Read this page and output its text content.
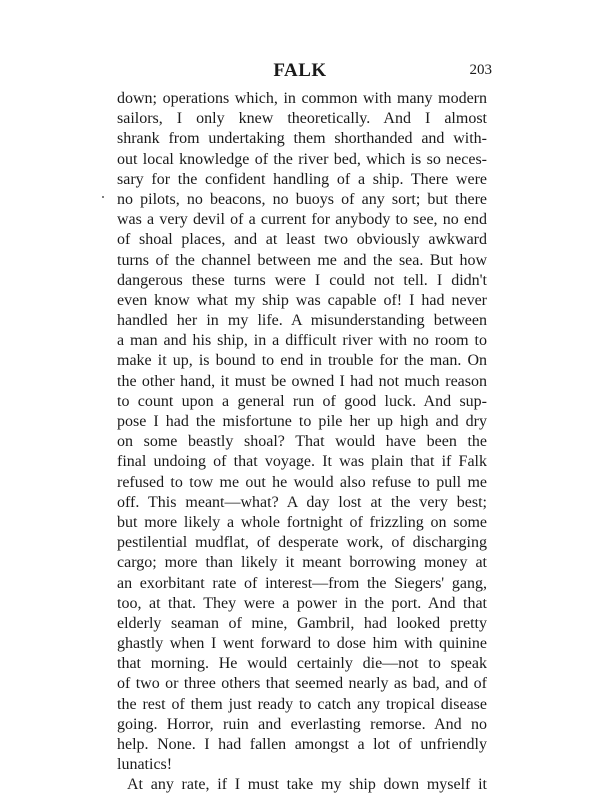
FALK	203
down; operations which, in common with many modern
sailors, I only knew theoretically. And I almost
shrank from undertaking them shorthanded and with-
out local knowledge of the river bed, which is so neces-
sary for the confident handling of a ship. There were
no pilots, no beacons, no buoys of any sort; but there
was a very devil of a current for anybody to see, no end
of shoal places, and at least two obviously awkward
turns of the channel between me and the sea. But how
dangerous these turns were I could not tell. I didn't
even know what my ship was capable of! I had never
handled her in my life. A misunderstanding between
a man and his ship, in a difficult river with no room to
make it up, is bound to end in trouble for the man. On
the other hand, it must be owned I had not much reason
to count upon a general run of good luck. And sup-
pose I had the misfortune to pile her up high and dry
on some beastly shoal? That would have been the
final undoing of that voyage. It was plain that if Falk
refused to tow me out he would also refuse to pull me
off. This meant—what? A day lost at the very best;
but more likely a whole fortnight of frizzling on some
pestilential mudflat, of desperate work, of discharging
cargo; more than likely it meant borrowing money at
an exorbitant rate of interest—from the Siegers' gang,
too, at that. They were a power in the port. And that
elderly seaman of mine, Gambril, had looked pretty
ghastly when I went forward to dose him with quinine
that morning. He would certainly die—not to speak
of two or three others that seemed nearly as bad, and of
the rest of them just ready to catch any tropical disease
going. Horror, ruin and everlasting remorse. And no
help. None. I had fallen amongst a lot of unfriendly
lunatics!
At any rate, if I must take my ship down myself it
